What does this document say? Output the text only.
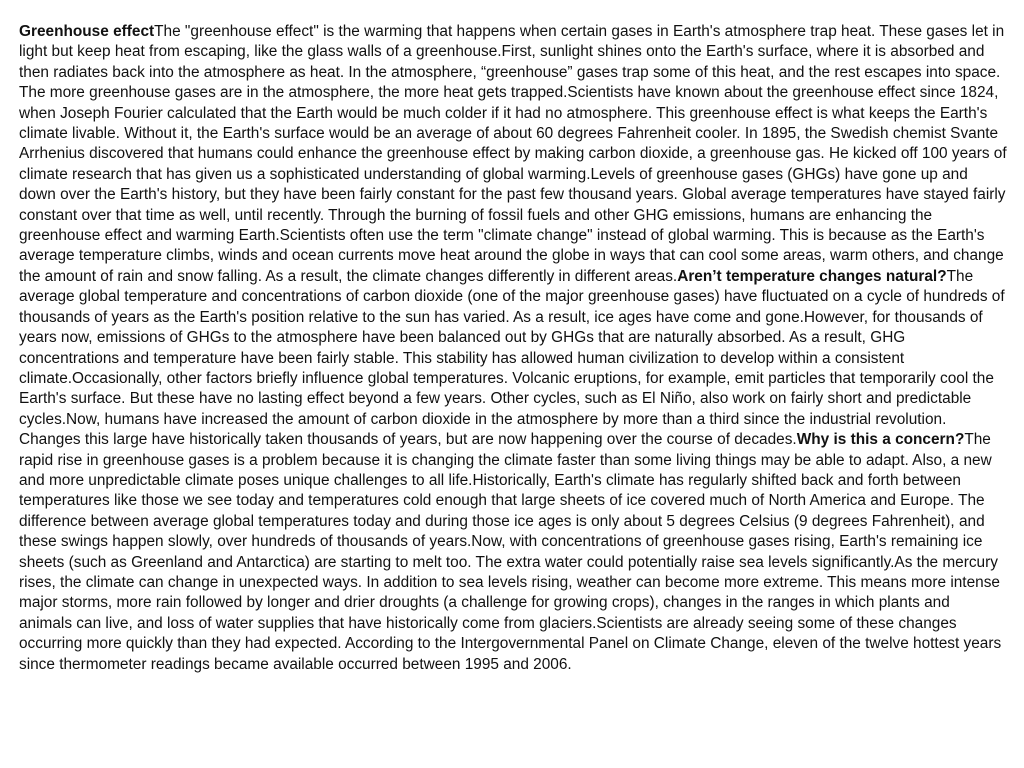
Greenhouse effectThe "greenhouse effect" is the warming that happens when certain gases in Earth's atmosphere trap heat. These gases let in light but keep heat from escaping, like the glass walls of a greenhouse.First, sunlight shines onto the Earth's surface, where it is absorbed and then radiates back into the atmosphere as heat. In the atmosphere, “greenhouse” gases trap some of this heat, and the rest escapes into space. The more greenhouse gases are in the atmosphere, the more heat gets trapped.Scientists have known about the greenhouse effect since 1824, when Joseph Fourier calculated that the Earth would be much colder if it had no atmosphere. This greenhouse effect is what keeps the Earth's climate livable. Without it, the Earth's surface would be an average of about 60 degrees Fahrenheit cooler. In 1895, the Swedish chemist Svante Arrhenius discovered that humans could enhance the greenhouse effect by making carbon dioxide, a greenhouse gas. He kicked off 100 years of climate research that has given us a sophisticated understanding of global warming.Levels of greenhouse gases (GHGs) have gone up and down over the Earth's history, but they have been fairly constant for the past few thousand years. Global average temperatures have stayed fairly constant over that time as well, until recently. Through the burning of fossil fuels and other GHG emissions, humans are enhancing the greenhouse effect and warming Earth.Scientists often use the term "climate change" instead of global warming. This is because as the Earth's average temperature climbs, winds and ocean currents move heat around the globe in ways that can cool some areas, warm others, and change the amount of rain and snow falling. As a result, the climate changes differently in different areas.Aren’t temperature changes natural?The average global temperature and concentrations of carbon dioxide (one of the major greenhouse gases) have fluctuated on a cycle of hundreds of thousands of years as the Earth's position relative to the sun has varied. As a result, ice ages have come and gone.However, for thousands of years now, emissions of GHGs to the atmosphere have been balanced out by GHGs that are naturally absorbed. As a result, GHG concentrations and temperature have been fairly stable. This stability has allowed human civilization to develop within a consistent climate.Occasionally, other factors briefly influence global temperatures. Volcanic eruptions, for example, emit particles that temporarily cool the Earth's surface. But these have no lasting effect beyond a few years. Other cycles, such as El Niño, also work on fairly short and predictable cycles.Now, humans have increased the amount of carbon dioxide in the atmosphere by more than a third since the industrial revolution. Changes this large have historically taken thousands of years, but are now happening over the course of decades.Why is this a concern?The rapid rise in greenhouse gases is a problem because it is changing the climate faster than some living things may be able to adapt. Also, a new and more unpredictable climate poses unique challenges to all life.Historically, Earth's climate has regularly shifted back and forth between temperatures like those we see today and temperatures cold enough that large sheets of ice covered much of North America and Europe. The difference between average global temperatures today and during those ice ages is only about 5 degrees Celsius (9 degrees Fahrenheit), and these swings happen slowly, over hundreds of thousands of years.Now, with concentrations of greenhouse gases rising, Earth's remaining ice sheets (such as Greenland and Antarctica) are starting to melt too. The extra water could potentially raise sea levels significantly.As the mercury rises, the climate can change in unexpected ways. In addition to sea levels rising, weather can become more extreme. This means more intense major storms, more rain followed by longer and drier droughts (a challenge for growing crops), changes in the ranges in which plants and animals can live, and loss of water supplies that have historically come from glaciers.Scientists are already seeing some of these changes occurring more quickly than they had expected. According to the Intergovernmental Panel on Climate Change, eleven of the twelve hottest years since thermometer readings became available occurred between 1995 and 2006.
